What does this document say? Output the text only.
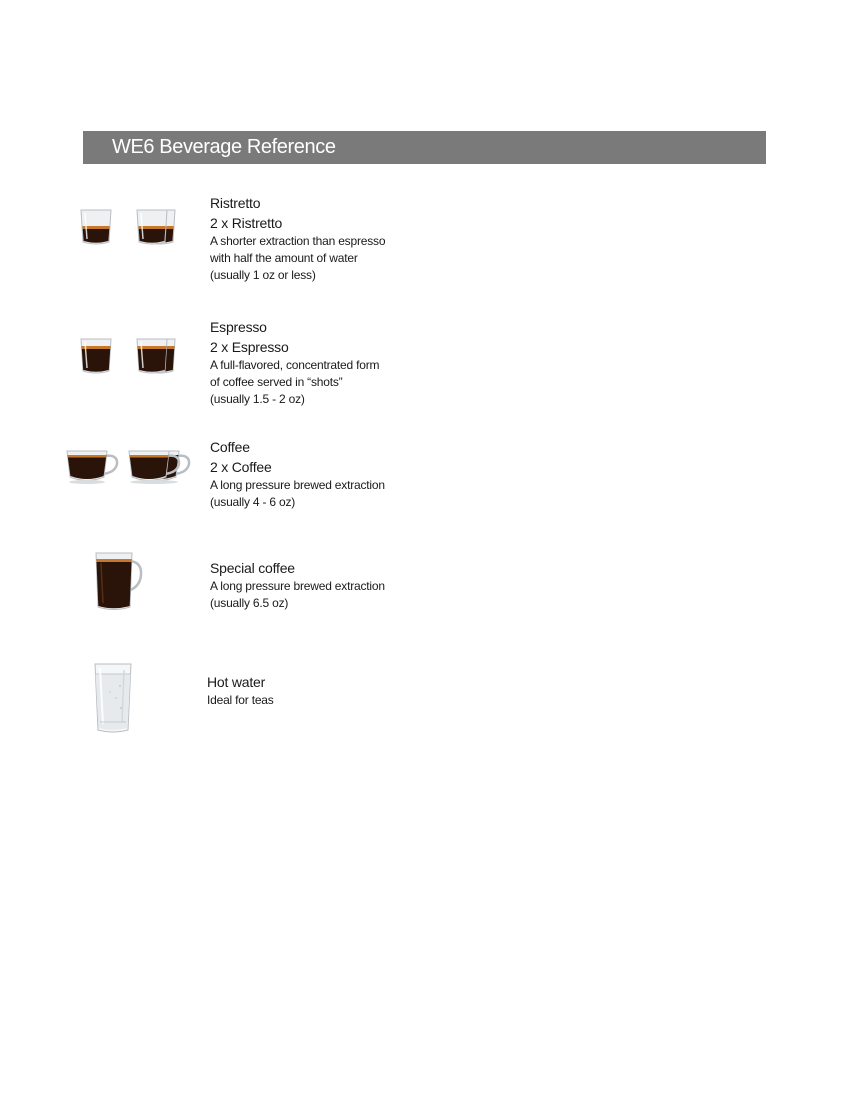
WE6 Beverage Reference
Ristretto
2 x Ristretto
A shorter extraction than espresso
with half the amount of water
(usually 1 oz or less)
Espresso
2 x Espresso
A full-flavored, concentrated form
of coffee served in “shots”
(usually 1.5 - 2 oz)
Coffee
2 x Coffee
A long pressure brewed extraction
(usually 4 - 6 oz)
Special coffee
A long pressure brewed extraction
(usually 6.5 oz)
Hot water
Ideal for teas
